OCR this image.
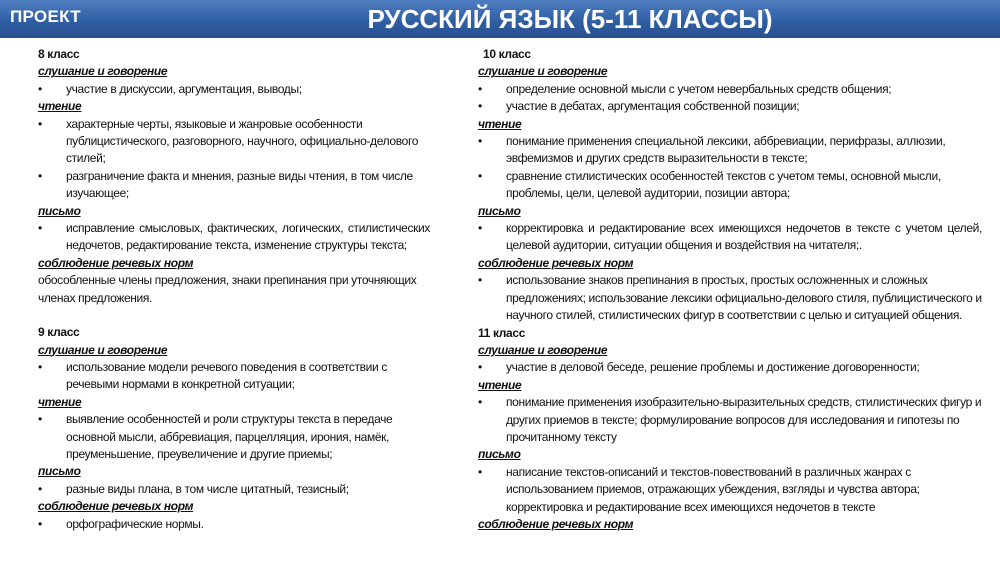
ПРОЕКТ	РУССКИЙ ЯЗЫК (5-11 КЛАССЫ)
8 класс
слушание и говорение
• участие в дискуссии, аргументация, выводы;
чтение
• характерные черты, языковые и жанровые особенности публицистического, разговорного, научного, официально-делового стилей;
• разграничение факта и мнения, разные виды чтения, в том числе изучающее;
письмо
• исправление смысловых, фактических, логических, стилистических недочетов, редактирование текста, изменение структуры текста;
соблюдение речевых норм

обособленные члены предложения, знаки препинания при уточняющих членах предложения.

9 класс
слушание и говорение
• использование модели речевого поведения в соответствии с речевыми нормами в конкретной ситуации;
чтение
• выявление особенностей и роли структуры текста в передаче основной мысли, аббревиация, парцелляция, ирония, намёк, преуменьшение, преувеличение и другие приемы;
письмо
• разные виды плана, в том числе цитатный, тезисный;
соблюдение речевых норм
• орфографические нормы.
10 класс
слушание и говорение
• определение основной мысли с учетом невербальных средств общения;
• участие в дебатах, аргументация собственной позиции;
чтение
• понимание применения специальной лексики, аббревиации, перифразы, аллюзии, эвфемизмов и других средств выразительности в тексте;
• сравнение стилистических особенностей текстов с учетом темы, основной мысли, проблемы, цели, целевой аудитории, позиции автора;
письмо
• корректировка и редактирование всех имеющихся недочетов в тексте с учетом целей, целевой аудитории, ситуации общения и воздействия на читателя;.
соблюдение речевых норм
• использование знаков препинания в простых, простых осложненных и сложных предложениях; использование лексики официально-делового стиля, публицистического и научного стилей, стилистических фигур в соответствии с целью и ситуацией общения.
11 класс
слушание и говорение
• участие в деловой беседе, решение проблемы и достижение договоренности;
чтение
• понимание применения изобразительно-выразительных средств, стилистических фигур и других приемов в тексте; формулирование вопросов для исследования и гипотезы по прочитанному тексту
письмо
• написание текстов-описаний и текстов-повествований в различных жанрах с использованием приемов, отражающих убеждения, взгляды и чувства автора; корректировка и редактирование всех имеющихся недочетов в тексте
соблюдение речевых норм
